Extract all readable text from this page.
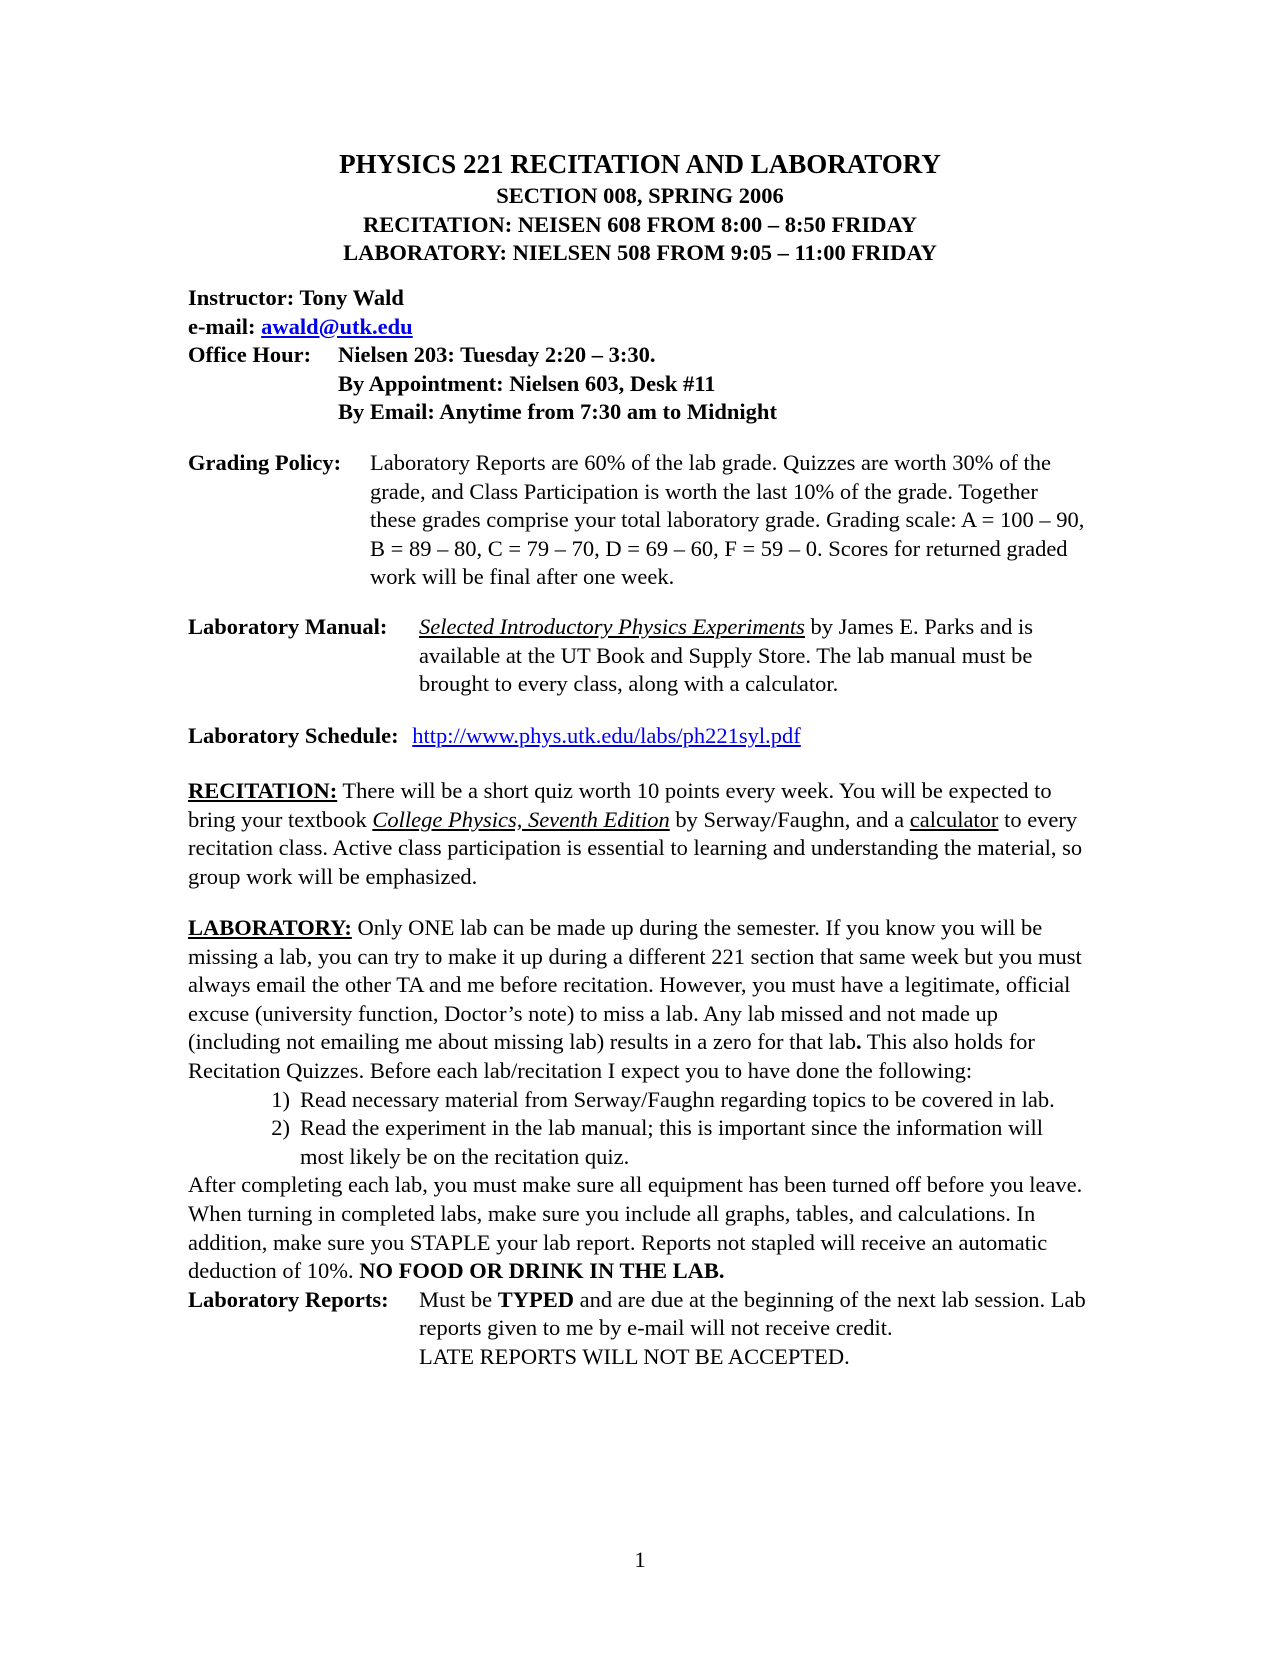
PHYSICS 221 RECITATION AND LABORATORY
SECTION 008, SPRING 2006
RECITATION: NEISEN 608 FROM 8:00 – 8:50 FRIDAY
LABORATORY: NIELSEN 508 FROM 9:05 – 11:00 FRIDAY
Instructor: Tony Wald
e-mail: awald@utk.edu
Office Hour:	Nielsen 203: Tuesday 2:20 – 3:30.
By Appointment: Nielsen 603, Desk #11
By Email: Anytime from 7:30 am to Midnight
Grading Policy:	Laboratory Reports are 60% of the lab grade. Quizzes are worth 30% of the grade, and Class Participation is worth the last 10% of the grade. Together these grades comprise your total laboratory grade. Grading scale: A = 100 – 90, B = 89 – 80, C = 79 – 70, D = 69 – 60, F = 59 – 0. Scores for returned graded work will be final after one week.
Laboratory Manual:	Selected Introductory Physics Experiments by James E. Parks and is available at the UT Book and Supply Store. The lab manual must be brought to every class, along with a calculator.
Laboratory Schedule: http://www.phys.utk.edu/labs/ph221syl.pdf
RECITATION: There will be a short quiz worth 10 points every week. You will be expected to bring your textbook College Physics, Seventh Edition by Serway/Faughn, and a calculator to every recitation class. Active class participation is essential to learning and understanding the material, so group work will be emphasized.
LABORATORY: Only ONE lab can be made up during the semester. If you know you will be missing a lab, you can try to make it up during a different 221 section that same week but you must always email the other TA and me before recitation. However, you must have a legitimate, official excuse (university function, Doctor’s note) to miss a lab. Any lab missed and not made up (including not emailing me about missing lab) results in a zero for that lab. This also holds for Recitation Quizzes. Before each lab/recitation I expect you to have done the following:
1) Read necessary material from Serway/Faughn regarding topics to be covered in lab.
2) Read the experiment in the lab manual; this is important since the information will most likely be on the recitation quiz.
After completing each lab, you must make sure all equipment has been turned off before you leave. When turning in completed labs, make sure you include all graphs, tables, and calculations. In addition, make sure you STAPLE your lab report. Reports not stapled will receive an automatic deduction of 10%. NO FOOD OR DRINK IN THE LAB.
Laboratory Reports:	Must be TYPED and are due at the beginning of the next lab session. Lab reports given to me by e-mail will not receive credit.
LATE REPORTS WILL NOT BE ACCEPTED.
1
